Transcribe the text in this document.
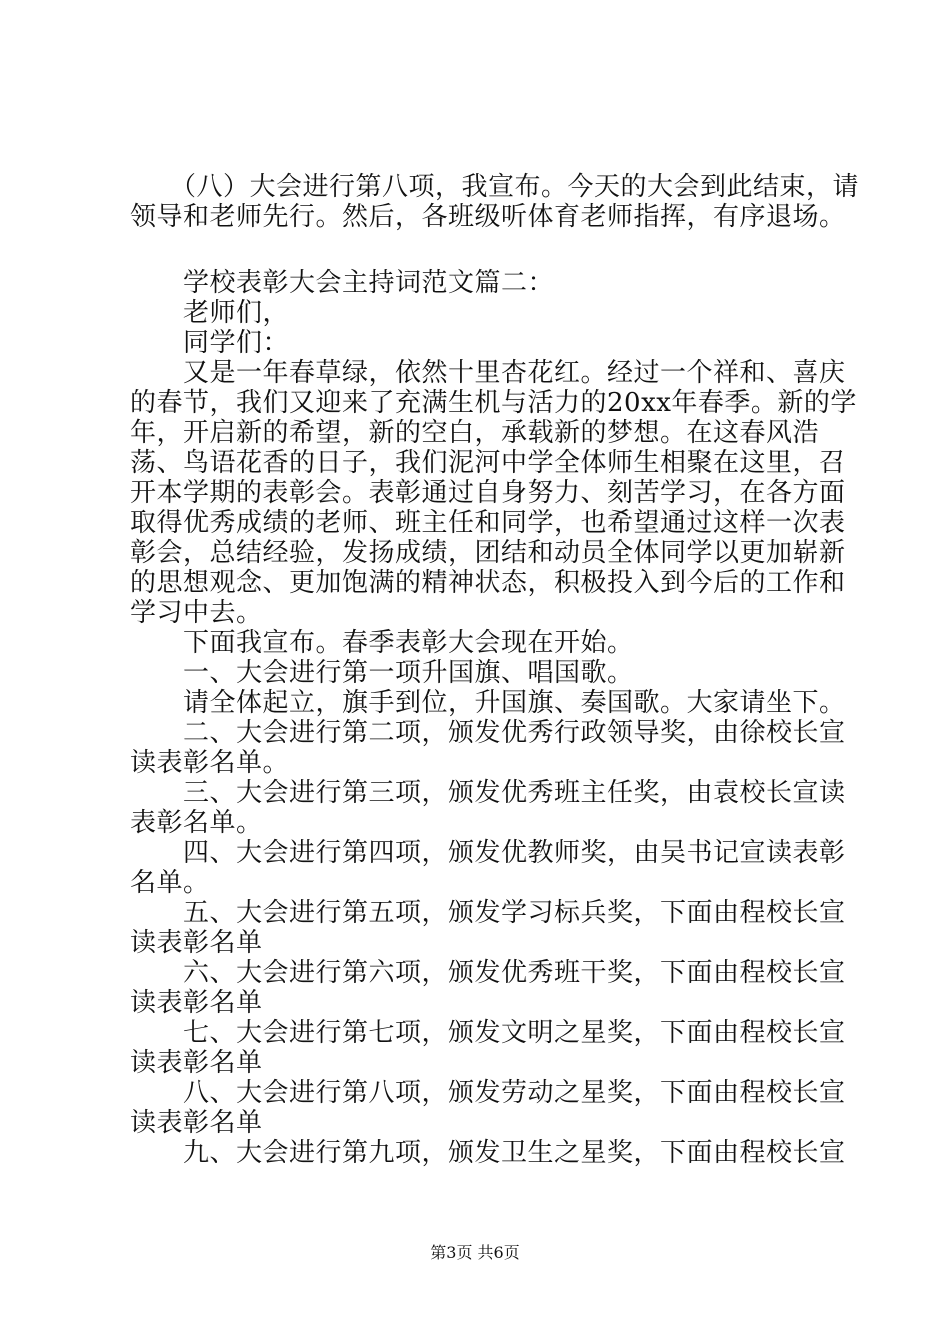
　　（八）大会进行第八项，我宣布。今天的大会到此结束，请领导和老师先行。然后，各班级听体育老师指挥，有序退场。

　　学校表彰大会主持词范文篇二：

　　老师们，

　　同学们：

　　又是一年春草绿，依然十里杏花红。经过一个祥和、喜庆的春节，我们又迎来了充满生机与活力的20xx年春季。新的学年，开启新的希望，新的空白，承载新的梦想。在这春风浩荡、鸟语花香的日子，我们泥河中学全体师生相聚在这里，召开本学期的表彰会。表彰通过自身努力、刻苦学习，在各方面取得优秀成绩的老师、班主任和同学，也希望通过这样一次表彰会，总结经验，发扬成绩，团结和动员全体同学以更加崭新的思想观念、更加饱满的精神状态，积极投入到今后的工作和学习中去。

　　下面我宣布。春季表彰大会现在开始。

　　一、大会进行第一项升国旗、唱国歌。

　　请全体起立，旗手到位，升国旗、奏国歌。大家请坐下。

　　二、大会进行第二项，颁发优秀行政领导奖，由徐校长宣读表彰名单。

　　三、大会进行第三项，颁发优秀班主任奖，由袁校长宣读表彰名单。

　　四、大会进行第四项，颁发优教师奖，由吴书记宣读表彰名单。

　　五、大会进行第五项，颁发学习标兵奖，下面由程校长宣读表彰名单

　　六、大会进行第六项，颁发优秀班干奖，下面由程校长宣读表彰名单

　　七、大会进行第七项，颁发文明之星奖，下面由程校长宣读表彰名单

　　八、大会进行第八项，颁发劳动之星奖，下面由程校长宣读表彰名单

　　九、大会进行第九项，颁发卫生之星奖，下面由程校长宣

第3页 共6页
